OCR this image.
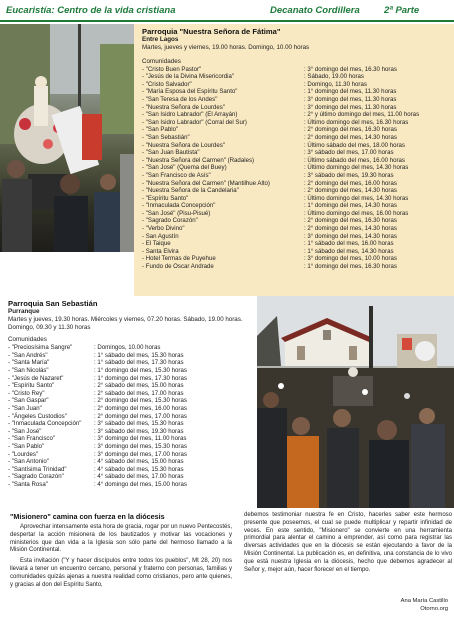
Eucaristía: Centro de la vida cristiana	Decanato Cordillera	2ª Parte
Parroquia "Nuestra Señora de Fátima"
Entre Lagos
Martes, jueves y viernes, 19.00 horas. Domingo, 10.00 horas
Comunidades
- "Cristo Buen Pastor"	: 3° domingo del mes, 16.30 horas
- "Jesús de la Divina Misericordia"	: Sábado, 19.00 horas
- "Cristo Salvador"	: Domingo, 11.30 horas
- "María Esposa del Espíritu Santo"	: 1° domingo del mes, 11.30 horas
- "San Teresa de los Andes"	: 3° domingo del mes, 11.30 horas
- "Nuestra Señora de Lourdes"	: 3° domingo del mes, 11.30 horas
- "San Isidro Labrador" (El Arrayán)	: 2° y último domingo del mes, 11.00 horas
- "San Isidro Labrador" (Corral del Sur)	: Último domingo del mes, 16.30 horas
- "San Pablo"	: 2° domingo del mes, 16.30 horas
- "San Sebastián"	: 2° domingo del mes, 14.30 horas
- "Nuestra Señora de Lourdes"	: Último sábado del mes, 18.00 horas
- "San Juan Bautista"	: 3° sábado del mes, 17.00 horas
- "Nuestra Señora del Carmen" (Radales)	: Último sábado del mes, 16.00 horas
- "San José" (Quema del Buey)	: Último domingo del mes, 14.30 horas
- "San Francisco de Asís"	: 3° sábado del mes, 19.30 horas
- "Nuestra Señora del Carmen" (Mantilhue Alto)	: 2° domingo del mes, 16.00 horas
- "Nuestra Señora de la Candelaria"	: 2° domingo del mes, 14.30 horas
- "Espíritu Santo"	: Último domingo del mes, 14.30 horas
- "Inmaculada Concepción"	: 1° domingo del mes, 14.30 horas
- "San José" (Pisu-Pisué)	: Último domingo del mes, 16.00 horas
- "Sagrado Corazón"	: 2° domingo del mes, 16.30 horas
- "Verbo Divino"	: 2° domingo del mes, 14.30 horas
- San Agustín	: 3° domingo del mes, 14.30 horas
- El Taique	: 1° sábado del mes, 16.00 horas
- Santa Elvira	: 1° sábado del mes, 14.30 horas
- Hotel Termas de Puyehue	: 3° domingo del mes, 10.00 horas
- Fundo de Oscar Andrade	: 1° domingo del mes, 16.30 horas
Parroquia San Sebastián
Purranque
Martes y jueves, 19.30 horas. Miércoles y viernes, 07.20 horas. Sábado, 19.00 horas. Domingo, 09.30 y 11.30 horas
Comunidades
- "Preciosísima Sangre"	: Domingos, 10.00 horas
- "San Andrés"	: 1° sábado del mes, 15.30 horas
- "Santa María"	: 1° sábado del mes, 17.30 horas
- "San Nicolás"	: 1° domingo del mes, 15.30 horas
- "Jesús de Nazaret"	: 1° domingo del mes, 17.30 horas
- "Espíritu Santo"	: 2° sábado del mes, 15.00 horas
- "Cristo Rey"	: 2° sábado del mes, 17.00 horas
- "San Gaspar"	: 2° domingo del mes, 15.30 horas
- "San Juan"	: 2° domingo del mes, 16.00 horas
- "Ángeles Custodios"	: 2° domingo del mes, 17.00 horas
- "Inmaculada Concepción" : 3° sábado del mes, 15.30 horas
- "San José"	: 3° sábado del mes, 19.30 horas
- "San Francisco"	: 3° domingo del mes, 11.00 horas
- "San Pablo"	: 3° domingo del mes, 15.30 horas
- "Lourdes"	: 3° domingo del mes, 17.00 horas
- "San Antonio"	: 4° sábado del mes, 15.00 horas
- "Santísima Trinidad"	: 4° sábado del mes, 15.30 horas
- "Sagrado Corazón"	: 4° sábado del mes, 17.00 horas
- "Santa Rosa"	: 4° domingo del mes, 15.00 horas
"Misionero" camina con fuerza en la diócesis

Aprovechar intensamente esta hora de gracia, rogar por un nuevo Pentecostés, despertar la acción misionera de los bautizados y motivar las vocaciones y ministerios que dan vida a la Iglesia son sólo parte del hermoso llamado a la Misión Continental.

Esta invitación ("Y y hacer discípulos entre todos los pueblos", Mt 28, 20) nos llevará a tener un encuentro cercano, personal y fraterno con personas, familias y comunidades quizás ajenas a nuestra realidad como cristianos, pero ante quienes, y gracias al don del Espíritu Santo,

debemos testimoniar nuestra fe en Cristo, hacerles saber este hermoso presente que poseemos, el cual se puede multiplicar y repartir infinidad de veces. En este sentido, "Misionero" se convierte en una herramienta primordial para alentar el camino a emprender, así como para registrar las diversas actividades que en la diócesis se están ejecutando a favor de la Misión Continental. La publicación es, en definitiva, una constancia de lo vivo que está nuestra Iglesia en la diócesis, hecho que debemos agradecer al Señor y, mejor aún, hacer florecer en el tiempo.

Ana María Castillo
Otorno.org
